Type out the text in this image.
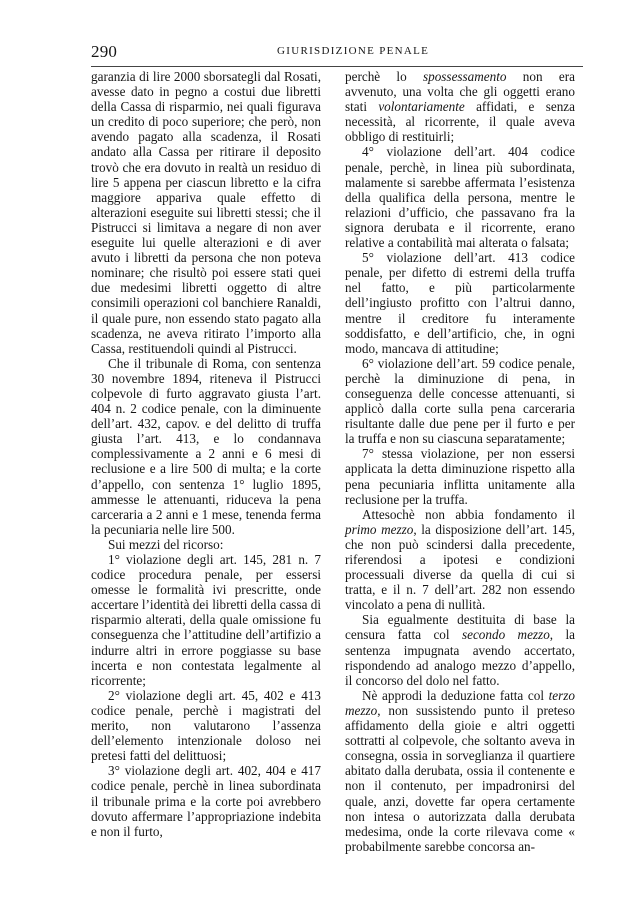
290	GIURISDIZIONE PENALE

garanzia di lire 2000 sborsategli dal Rosati, avesse dato in pegno a costui due libretti della Cassa di risparmio, nei quali figurava un credito di poco superiore; che però, non avendo pagato alla scadenza, il Rosati andato alla Cassa per ritirare il deposito trovò che era dovuto in realtà un residuo di lire 5 appena per ciascun libretto e la cifra maggiore appariva quale effetto di alterazioni eseguite sui libretti stessi; che il Pistrucci si limitava a negare di non aver eseguite lui quelle alterazioni e di aver avuto i libretti da persona che non poteva nominare; che risultò poi essere stati quei due medesimi libretti oggetto di altre consimili operazioni col banchiere Ranaldi, il quale pure, non essendo stato pagato alla scadenza, ne aveva ritirato l’importo alla Cassa, restituendoli quindi al Pistrucci.

Che il tribunale di Roma, con sentenza 30 novembre 1894, riteneva il Pistrucci colpevole di furto aggravato giusta l’art. 404 n. 2 codice penale, con la diminuente dell’art. 432, capov. e del delitto di truffa giusta l’art. 413, e lo condannava complessivamente a 2 anni e 6 mesi di reclusione e a lire 500 di multa; e la corte d’appello, con sentenza 1° luglio 1895, ammesse le attenuanti, riduceva la pena carceraria a 2 anni e 1 mese, tenenda ferma la pecuniaria nelle lire 500.

Sui mezzi del ricorso:

1° violazione degli art. 145, 281 n. 7 codice procedura penale, per essersi omesse le formalità ivi prescritte, onde accertare l’identità dei libretti della cassa di risparmio alterati, della quale omissione fu conseguenza che l’attitudine dell’artifizio a indurre altri in errore poggiasse su base incerta e non contestata legalmente al ricorrente;

2° violazione degli art. 45, 402 e 413 codice penale, perchè i magistrati del merito, non valutarono l’assenza dell’elemento intenzionale doloso nei pretesi fatti del delittuosi;

3° violazione degli art. 402, 404 e 417 codice penale, perchè in linea subordinata il tribunale prima e la corte poi avrebbero dovuto affermare l’appropriazione indebita e non il furto,

perchè lo spossessamento non era avvenuto, una volta che gli oggetti erano stati volontariamente affidati, e senza necessità, al ricorrente, il quale aveva obbligo di restituirli;

4° violazione dell’art. 404 codice penale, perchè, in linea più subordinata, malamente si sarebbe affermata l’esistenza della qualifica della persona, mentre le relazioni d’ufficio, che passavano fra la signora derubata e il ricorrente, erano relative a contabilità mai alterata o falsata;

5° violazione dell’art. 413 codice penale, per difetto di estremi della truffa nel fatto, e più particolarmente dell’ingiusto profitto con l’altrui danno, mentre il creditore fu interamente soddisfatto, e dell’artificio, che, in ogni modo, mancava di attitudine;

6° violazione dell’art. 59 codice penale, perchè la diminuzione di pena, in conseguenza delle concesse attenuanti, si applicò dalla corte sulla pena carceraria risultante dalle due pene per il furto e per la truffa e non su ciascuna separatamente;

7° stessa violazione, per non essersi applicata la detta diminuzione rispetto alla pena pecuniaria inflitta unitamente alla reclusione per la truffa.

Attesochè non abbia fondamento il primo mezzo, la disposizione dell’art. 145, che non può scindersi dalla precedente, riferendosi a ipotesi e condizioni processuali diverse da quella di cui si tratta, e il n. 7 dell’art. 282 non essendo vincolato a pena di nullità.

Sia egualmente destituita di base la censura fatta col secondo mezzo, la sentenza impugnata avendo accertato, rispondendo ad analogo mezzo d’appello, il concorso del dolo nel fatto.

Nè approdi la deduzione fatta col terzo mezzo, non sussistendo punto il preteso affidamento della gioie e altri oggetti sottratti al colpevole, che soltanto aveva in consegna, ossia in sorveglianza il quartiere abitato dalla derubata, ossia il contenente e non il contenuto, per impadronirsi del quale, anzi, dovette far opera certamente non intesa o autorizzata dalla derubata medesima, onde la corte rilevava come « probabilmente sarebbe concorsa an-
